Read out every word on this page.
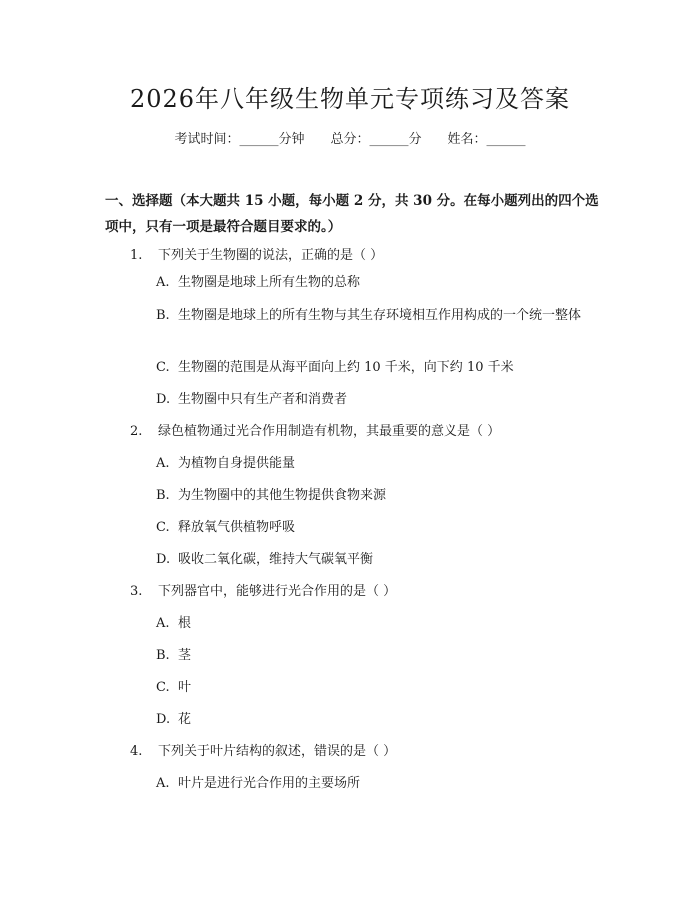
2026年八年级生物单元专项练习及答案
考试时间：______分钟 总分：______分 姓名：______
一、选择题（本大题共 15 小题，每小题 2 分，共 30 分。在每小题列出的四个选项中，只有一项是最符合题目要求的。）
1. 下列关于生物圈的说法，正确的是（ ）
A. 生物圈是地球上所有生物的总称
B. 生物圈是地球上的所有生物与其生存环境相互作用构成的一个统一整体
C. 生物圈的范围是从海平面向上约 10 千米，向下约 10 千米
D. 生物圈中只有生产者和消费者
2. 绿色植物通过光合作用制造有机物，其最重要的意义是（ ）
A. 为植物自身提供能量
B. 为生物圈中的其他生物提供食物来源
C. 释放氧气供植物呼吸
D. 吸收二氧化碳，维持大气碳氧平衡
3. 下列器官中，能够进行光合作用的是（ ）
A. 根
B. 茎
C. 叶
D. 花
4. 下列关于叶片结构的叙述，错误的是（ ）
A. 叶片是进行光合作用的主要场所
